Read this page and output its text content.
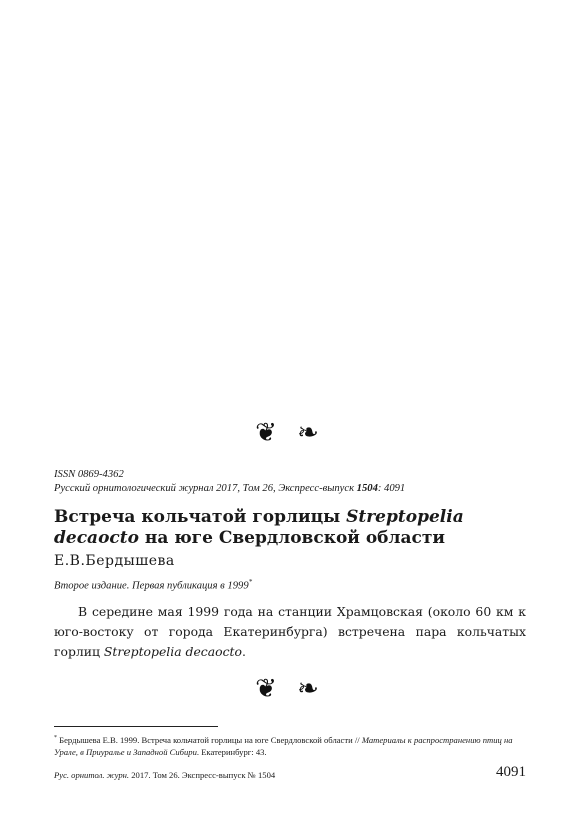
❦ ❧
ISSN 0869-4362
Русский орнитологический журнал 2017, Том 26, Экспресс-выпуск 1504: 4091
Встреча кольчатой горлицы Streptopelia decaocto на юге Свердловской области
Е.В.Бердышева
Второе издание. Первая публикация в 1999*

В середине мая 1999 года на станции Храмцовская (около 60 км к юго-востоку от города Екатеринбурга) встречена пара кольчатых горлиц Streptopelia decaocto.

❦ ❧
* Бердышева Е.В. 1999. Встреча кольчатой горлицы на юге Свердловской области // Материалы к распространению птиц на Урале, в Приуралье и Западной Сибири. Екатеринбург: 43.
Рус. орнитол. журн. 2017. Том 26. Экспресс-выпуск № 1504	4091
